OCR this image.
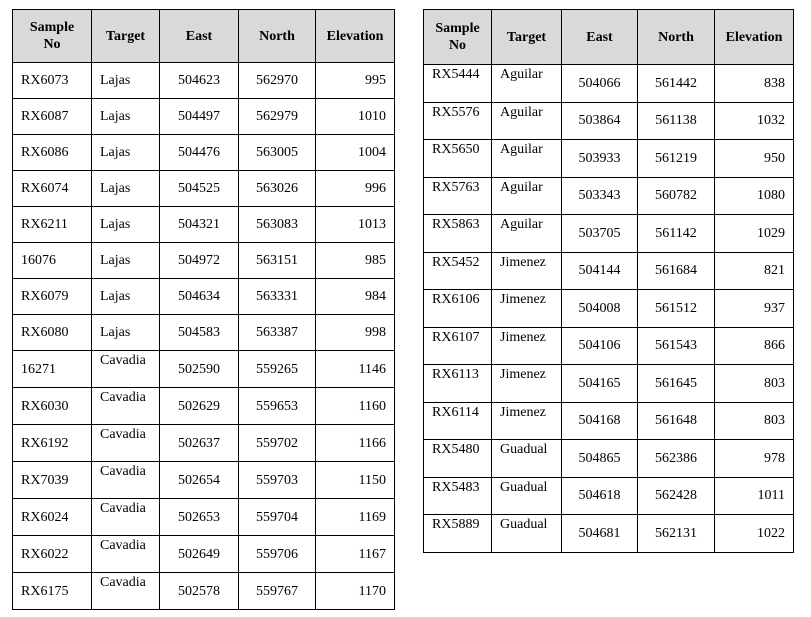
Sample No	Target	East	North	Elevation
RX6073	Lajas	504623	562970	995
RX6087	Lajas	504497	562979	1010
RX6086	Lajas	504476	563005	1004
RX6074	Lajas	504525	563026	996
RX6211	Lajas	504321	563083	1013
16076	Lajas	504972	563151	985
RX6079	Lajas	504634	563331	984
RX6080	Lajas	504583	563387	998
16271	Cavadia	502590	559265	1146
RX6030	Cavadia	502629	559653	1160
RX6192	Cavadia	502637	559702	1166
RX7039	Cavadia	502654	559703	1150
RX6024	Cavadia	502653	559704	1169
RX6022	Cavadia	502649	559706	1167
RX6175	Cavadia	502578	559767	1170
Sample No	Target	East	North	Elevation
RX5444	Aguilar	504066	561442	838
RX5576	Aguilar	503864	561138	1032
RX5650	Aguilar	503933	561219	950
RX5763	Aguilar	503343	560782	1080
RX5863	Aguilar	503705	561142	1029
RX5452	Jimenez	504144	561684	821
RX6106	Jimenez	504008	561512	937
RX6107	Jimenez	504106	561543	866
RX6113	Jimenez	504165	561645	803
RX6114	Jimenez	504168	561648	803
RX5480	Guadual	504865	562386	978
RX5483	Guadual	504618	562428	1011
RX5889	Guadual	504681	562131	1022
